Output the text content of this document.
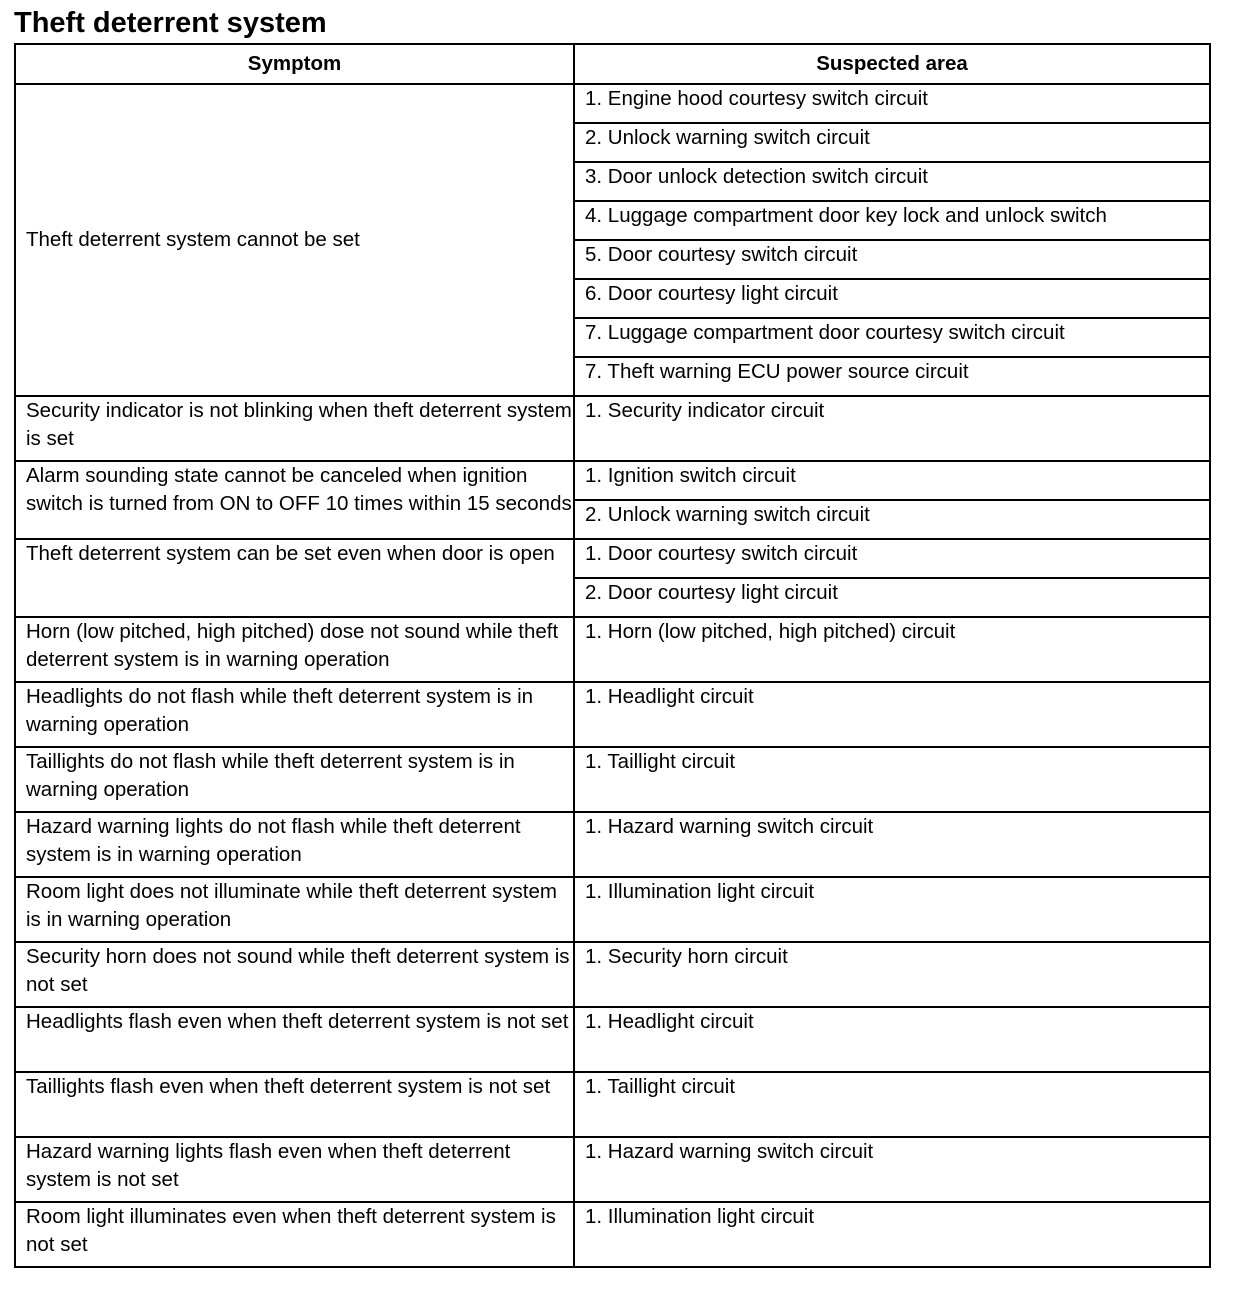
Theft deterrent system
Symptom	Suspected area
Theft deterrent system cannot be set	1. Engine hood courtesy switch circuit
	2. Unlock warning switch circuit
	3. Door unlock detection switch circuit
	4. Luggage compartment door key lock and unlock switch
	5. Door courtesy switch circuit
	6. Door courtesy light circuit
	7. Luggage compartment door courtesy switch circuit
	7. Theft warning ECU power source circuit
Security indicator is not blinking when theft deterrent system is set	1. Security indicator circuit
Alarm sounding state cannot be canceled when ignition switch is turned from ON to OFF 10 times within 15 seconds	1. Ignition switch circuit
	2. Unlock warning switch circuit
Theft deterrent system can be set even when door is open	1. Door courtesy switch circuit
	2. Door courtesy light circuit
Horn (low pitched, high pitched) dose not sound while theft deterrent system is in warning operation	1. Horn (low pitched, high pitched) circuit
Headlights do not flash while theft deterrent system is in warning operation	1. Headlight circuit
Taillights do not flash while theft deterrent system is in warning operation	1. Taillight circuit
Hazard warning lights do not flash while theft deterrent system is in warning operation	1. Hazard warning switch circuit
Room light does not illuminate while theft deterrent system is in warning operation	1. Illumination light circuit
Security horn does not sound while theft deterrent system is not set	1. Security horn circuit
Headlights flash even when theft deterrent system is not set	1. Headlight circuit
Taillights flash even when theft deterrent system is not set	1. Taillight circuit
Hazard warning lights flash even when theft deterrent system is not set	1. Hazard warning switch circuit
Room light illuminates even when theft deterrent system is not set	1. Illumination light circuit
